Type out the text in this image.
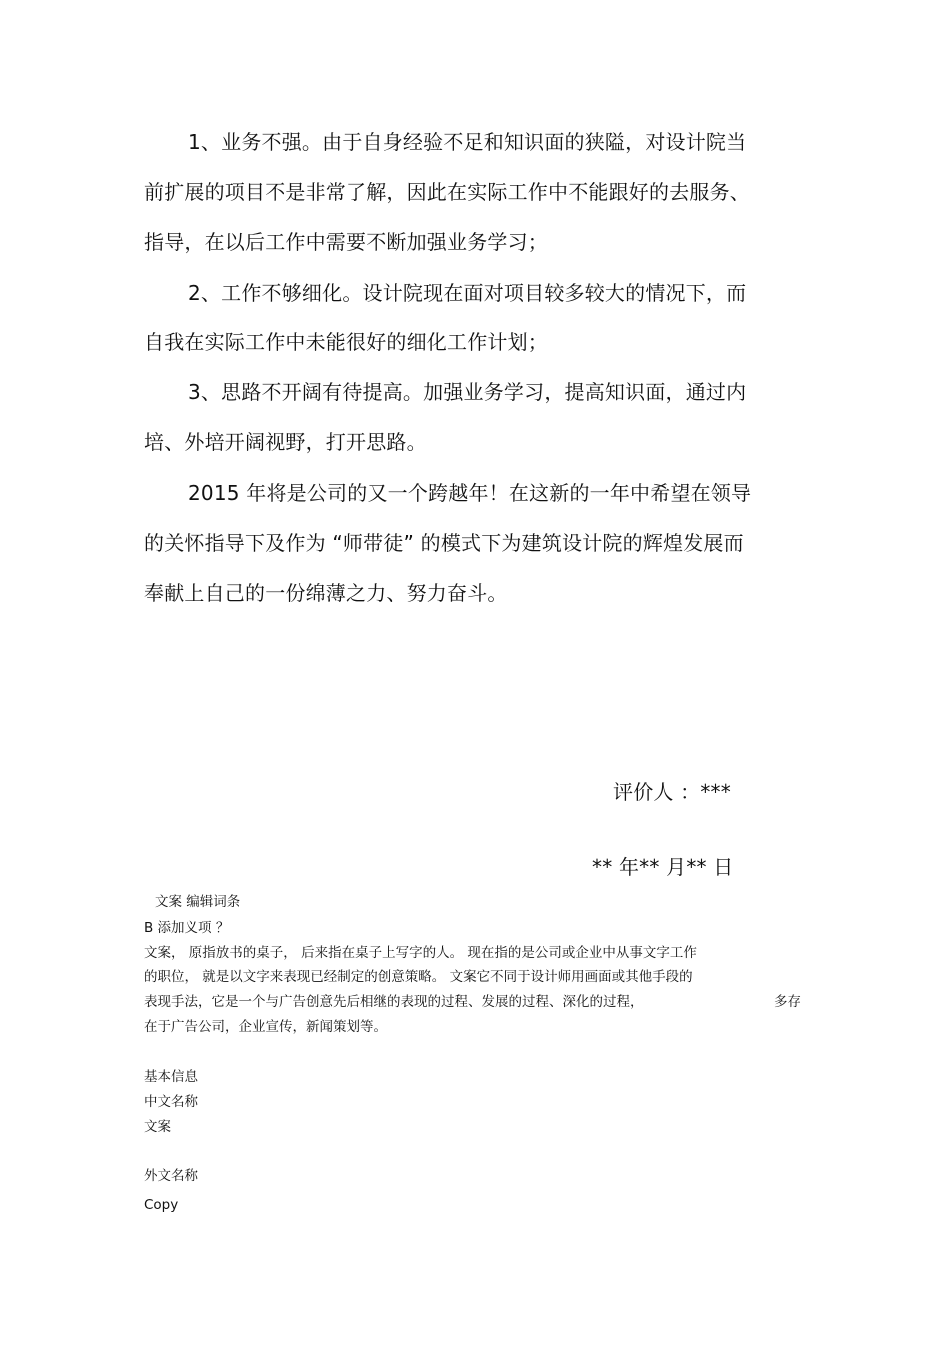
1、业务不强。由于自身经验不足和知识面的狭隘，对设计院当
前扩展的项目不是非常了解，因此在实际工作中不能跟好的去服务、
指导，在以后工作中需要不断加强业务学习；
2、工作不够细化。设计院现在面对项目较多较大的情况下，而
自我在实际工作中未能很好的细化工作计划；
3、思路不开阔有待提高。加强业务学习，提高知识面，通过内
培、外培开阔视野，打开思路。
2015 年将是公司的又一个跨越年！在这新的一年中希望在领导
的关怀指导下及作为 “师带徒” 的模式下为建筑设计院的辉煌发展而
奉献上自己的一份绵薄之力、努力奋斗。
评价人 ：***
** 年** 月** 日
文案 编辑词条
B 添加义项 ？
文案， 原指放书的桌子， 后来指在桌子上写字的人。 现在指的是公司或企业中从事文字工作
的职位， 就是以文字来表现已经制定的创意策略。 文案它不同于设计师用画面或其他手段的
表现手法，它是一个与广告创意先后相继的表现的过程、发展的过程、深化的过程，	多存
在于广告公司，企业宣传，新闻策划等。
基本信息
中文名称
文案
外文名称
Copy
